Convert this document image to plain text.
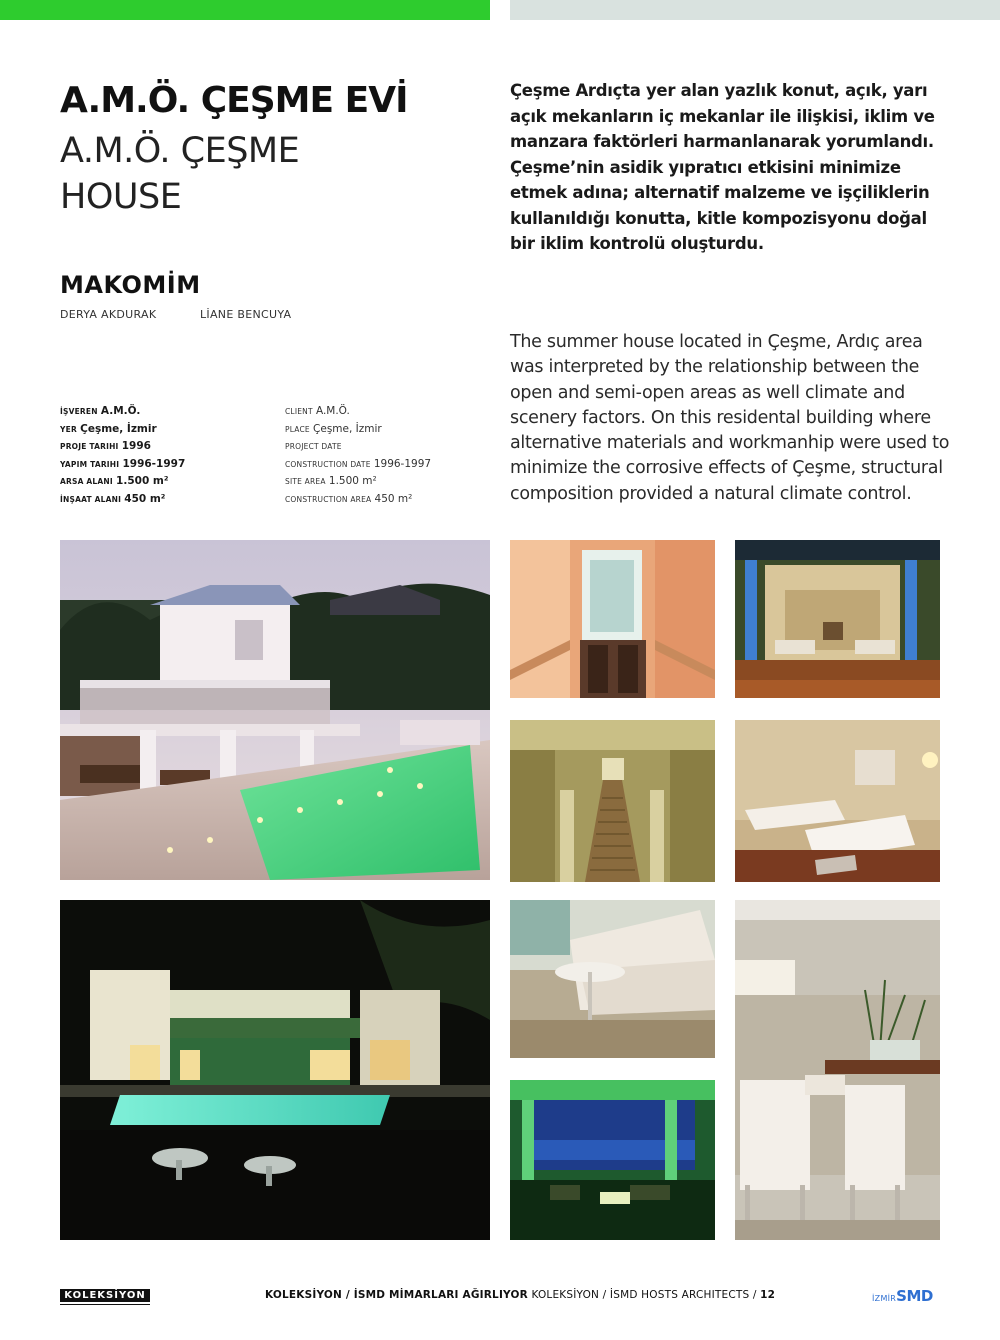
A.M.Ö. ÇEŞME EVİ
A.M.Ö. ÇEŞME
HOUSE
Çeşme Ardıçta yer alan yazlık konut, açık, yarı açık mekanların iç mekanlar ile ilişkisi, iklim ve manzara faktörleri harmanlanarak yorumlandı. Çeşme’nin asidik yıpratıcı etkisini minimize etmek adına; alternatif malzeme ve işçiliklerin kullanıldığı konutta, kitle kompozisyonu doğal bir iklim kontrolü oluşturdu.
MAKOMİM
DERYA AKDURAK	LİANE BENCUYA
The summer house located in Çeşme, Ardıç area was interpreted by the relationship between the open and semi-open areas as well climate and scenery factors. On this residental building where alternative materials and workmanhip were used to minimize the corrosive effects of Çeşme, structural composition provided a natural climate control.
İŞVEREN A.M.Ö.
YER Çeşme, İzmir
PROJE TARIHI 1996
YAPIM TARIHI 1996-1997
ARSA ALANI 1.500 m²
İNŞAAT ALANI 450 m²
CLIENT A.M.Ö.
PLACE Çeşme, İzmir
PROJECT DATE
CONSTRUCTION DATE 1996-1997
SITE AREA 1.500 m²
CONSTRUCTION AREA 450 m²
KOLEKSİYON	KOLEKSİYON / İSMD MİMARLARI AĞIRLIYOR KOLEKSİYON / İSMD HOSTS ARCHITECTS / 12	İZMİRSMD
